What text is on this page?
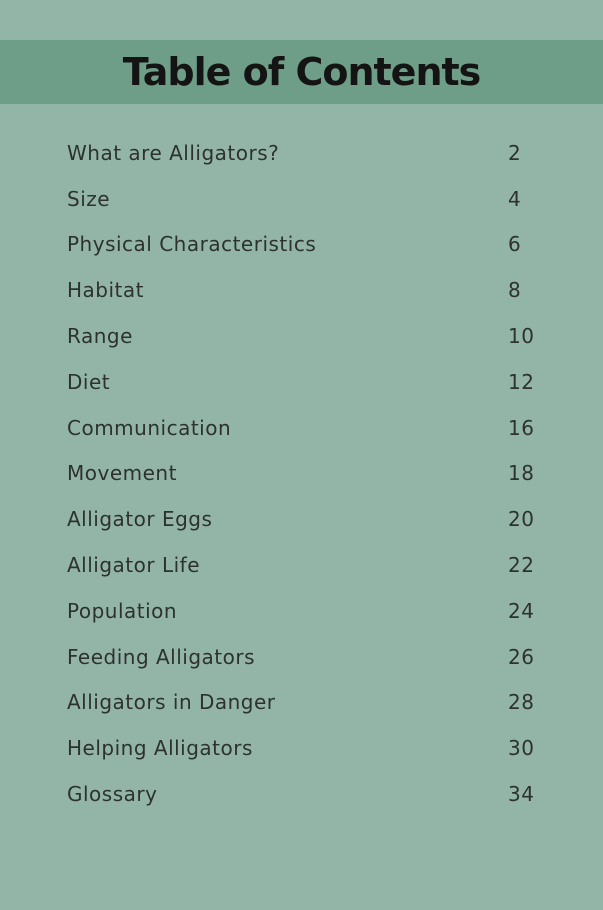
Table of Contents
What are Alligators?	2
Size	4
Physical Characteristics	6
Habitat	8
Range	10
Diet	12
Communication	16
Movement	18
Alligator Eggs	20
Alligator Life	22
Population	24
Feeding Alligators	26
Alligators in Danger	28
Helping Alligators	30
Glossary	34
